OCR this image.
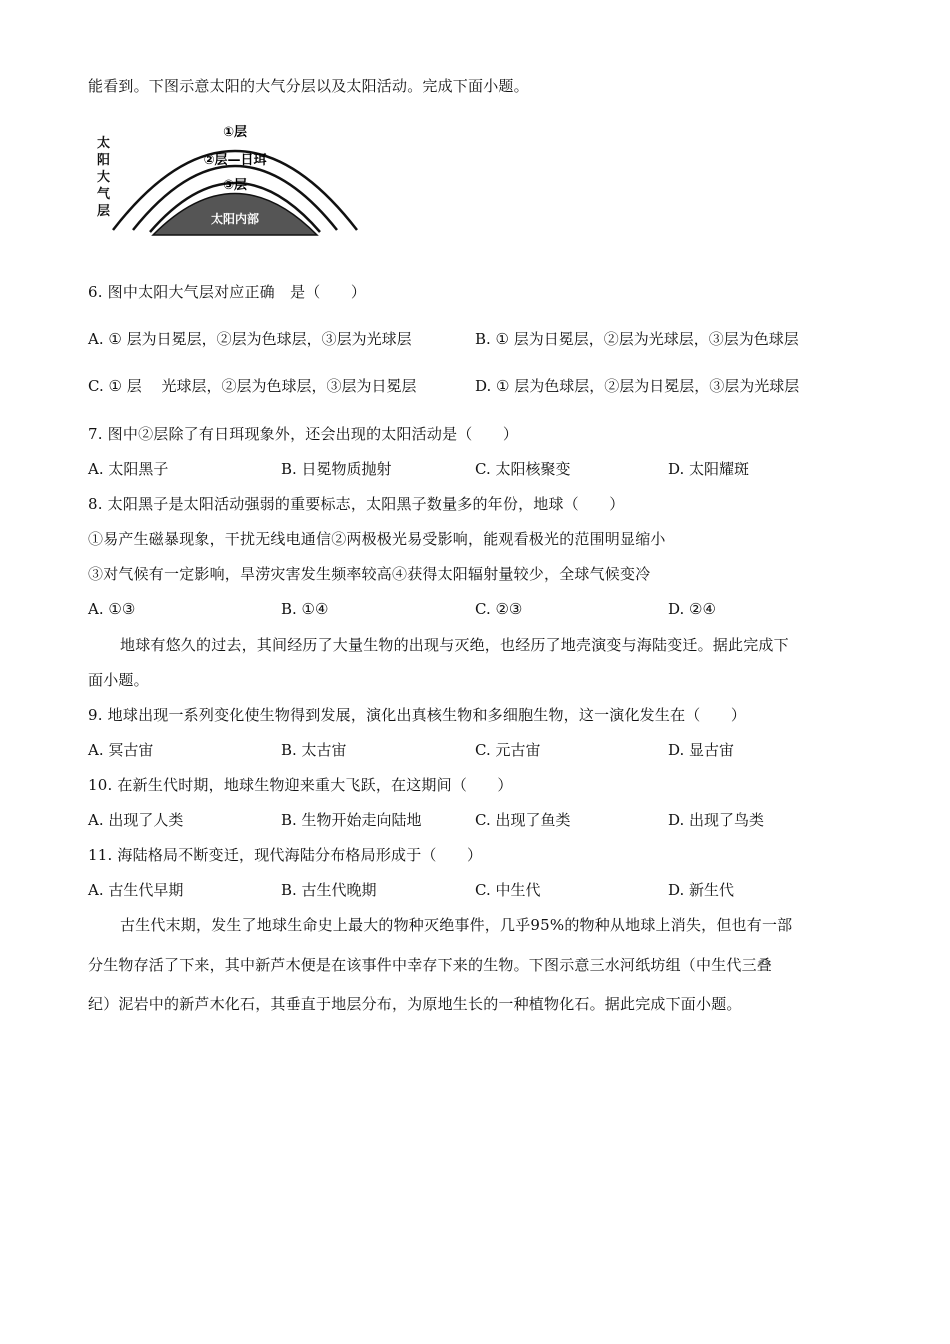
能看到。下图示意太阳的大气分层以及太阳活动。完成下面小题。
太
阳
大
气
层
①层
②层—日珥
③层
太阳内部
6. 图中太阳大气层对应正确　是（　　）
A. ① 层为日冕层，②层为色球层，③层为光球层	B. ① 层为日冕层，②层为光球层，③层为色球层
C. ① 层　 光球层，②层为色球层，③层为日冕层	D. ① 层为色球层，②层为日冕层，③层为光球层
7. 图中②层除了有日珥现象外，还会出现的太阳活动是（　　）
A. 太阳黑子	B. 日冕物质抛射	C. 太阳核聚变	D. 太阳耀斑
8. 太阳黑子是太阳活动强弱的重要标志，太阳黑子数量多的年份，地球（　　）
①易产生磁暴现象，干扰无线电通信②两极极光易受影响，能观看极光的范围明显缩小
③对气候有一定影响，旱涝灾害发生频率较高④获得太阳辐射量较少，全球气候变冷
A. ①③	B. ①④	C. ②③	D. ②④
地球有悠久的过去，其间经历了大量生物的出现与灭绝，也经历了地壳演变与海陆变迁。据此完成下
面小题。
9. 地球出现一系列变化使生物得到发展，演化出真核生物和多细胞生物，这一演化发生在（　　）
A. 冥古宙	B. 太古宙	C. 元古宙	D. 显古宙
10. 在新生代时期，地球生物迎来重大飞跃，在这期间（　　）
A. 出现了人类	B. 生物开始走向陆地	C. 出现了鱼类	D. 出现了鸟类
11. 海陆格局不断变迁，现代海陆分布格局形成于（　　）
A. 古生代早期	B. 古生代晚期	C. 中生代	D. 新生代
古生代末期，发生了地球生命史上最大的物种灭绝事件，几乎95%的物种从地球上消失，但也有一部
分生物存活了下来，其中新芦木便是在该事件中幸存下来的生物。下图示意三水河纸坊组（中生代三叠
纪）泥岩中的新芦木化石，其垂直于地层分布，为原地生长的一种植物化石。据此完成下面小题。
